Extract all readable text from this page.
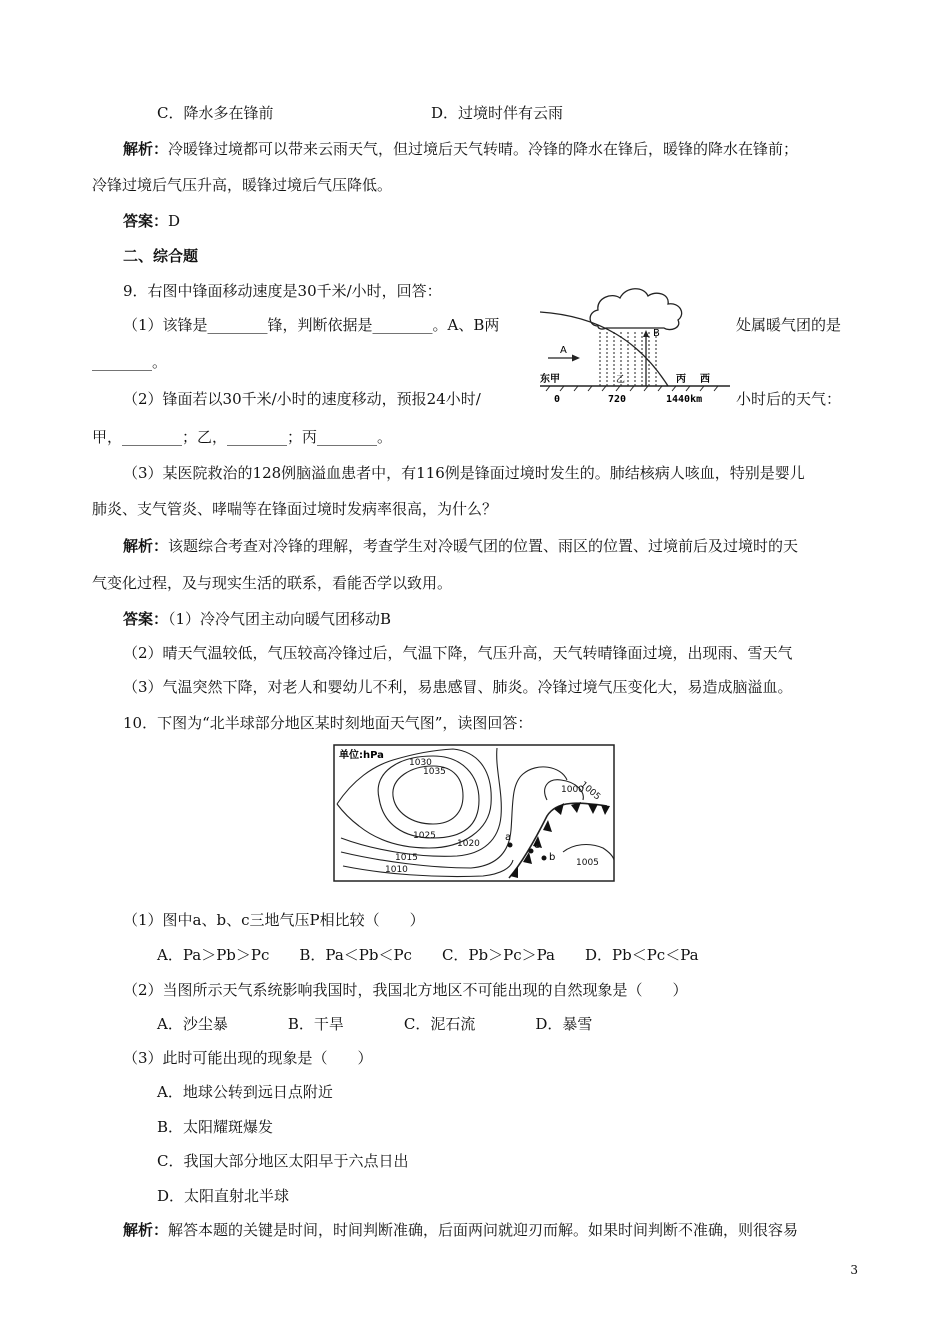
C．降水多在锋前	D．过境时伴有云雨
解析：冷暖锋过境都可以带来云雨天气，但过境后天气转晴。冷锋的降水在锋后，暖锋的降水在锋前；
冷锋过境后气压升高，暖锋过境后气压降低。
答案：D
二、综合题
9．右图中锋面移动速度是30千米/小时，回答：
（1）该锋是________锋，判断依据是________。A、B两	处属暖气团的是
________。
（2）锋面若以30千米/小时的速度移动，预报24小时/	小时后的天气：
甲，________；乙，________；丙________。
B
A
东甲	乙	丙 西
0	720	1440km
（3）某医院救治的128例脑溢血患者中，有116例是锋面过境时发生的。肺结核病人咳血，特别是婴儿
肺炎、支气管炎、哮喘等在锋面过境时发病率很高，为什么？
解析：该题综合考查对冷锋的理解，考查学生对冷暖气团的位置、雨区的位置、过境前后及过境时的天
气变化过程，及与现实生活的联系，看能否学以致用。
答案：（1）冷冷气团主动向暖气团移动B
（2）晴天气温较低，气压较高冷锋过后，气温下降，气压升高，天气转晴锋面过境，出现雨、雪天气
（3）气温突然下降，对老人和婴幼儿不利，易患感冒、肺炎。冷锋过境气压变化大，易造成脑溢血。
10．下图为“北半球部分地区某时刻地面天气图”，读图回答：
单位:hPa
a
c
b
1030
1035
1025
1020
1015
1010
1000
1005
1005
（1）图中a、b、c三地气压P相比较（　　）
A．Pa＞Pb＞Pc　　B．Pa＜Pb＜Pc　　C．Pb＞Pc＞Pa　　D．Pb＜Pc＜Pa
（2）当图所示天气系统影响我国时，我国北方地区不可能出现的自然现象是（　　）
A．沙尘暴　　　　B．干旱　　　　C．泥石流　　　　D．暴雪
（3）此时可能出现的现象是（　　）
A．地球公转到远日点附近
B．太阳耀斑爆发
C．我国大部分地区太阳早于六点日出
D．太阳直射北半球
解析：解答本题的关键是时间，时间判断准确，后面两问就迎刃而解。如果时间判断不准确，则很容易
3
